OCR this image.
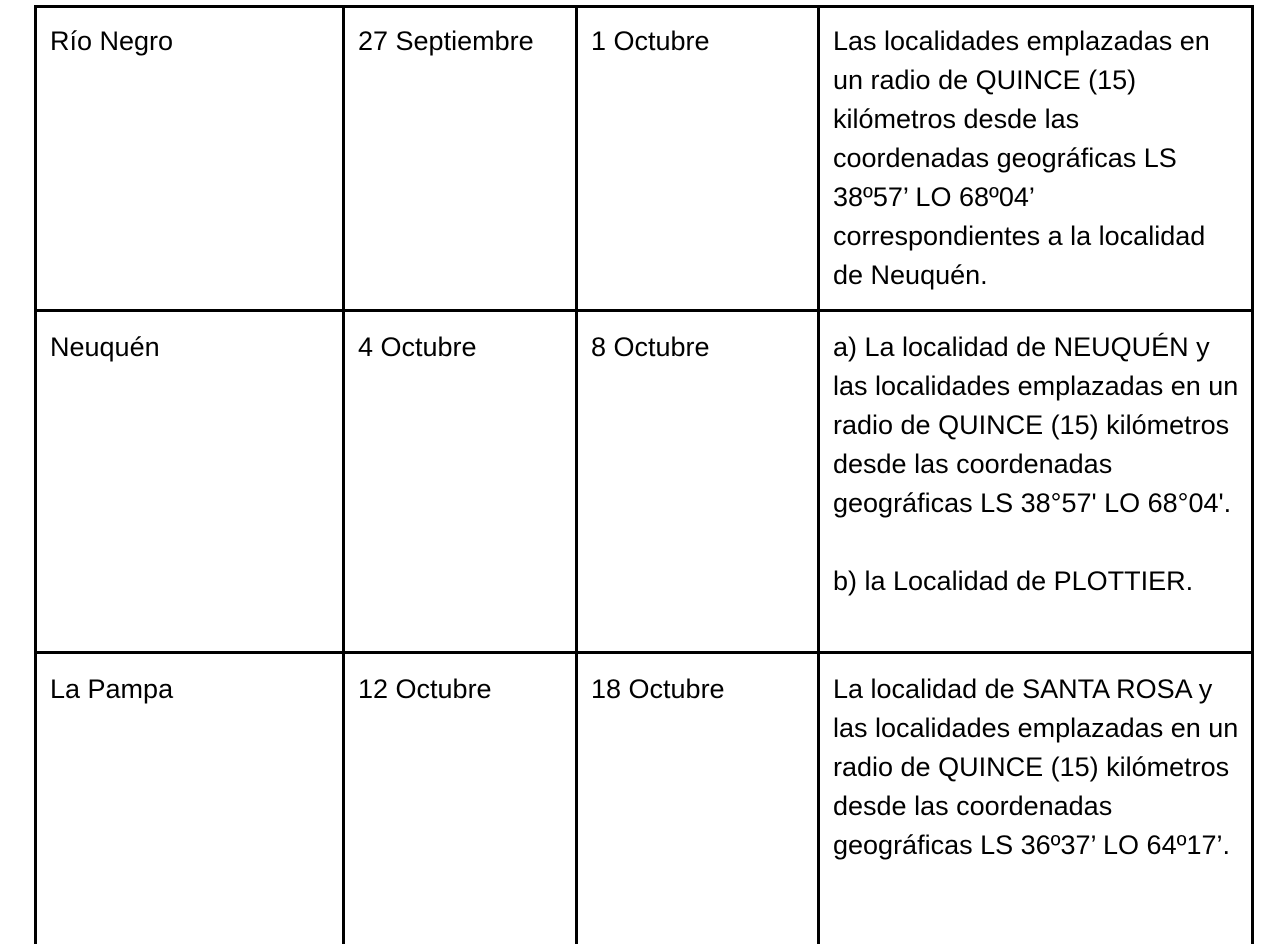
Río Negro	27 Septiembre	1 Octubre	Las localidades emplazadas en un radio de QUINCE (15) kilómetros desde las coordenadas geográficas LS 38º57’ LO 68º04’ correspondientes a la localidad de Neuquén.

Neuquén	4 Octubre	8 Octubre	a) La localidad de NEUQUÉN y las localidades emplazadas en un radio de QUINCE (15) kilómetros desde las coordenadas geográficas LS 38°57' LO 68°04'.
b) la Localidad de PLOTTIER.

La Pampa	12 Octubre	18 Octubre	La localidad de SANTA ROSA y las localidades emplazadas en un radio de QUINCE (15) kilómetros desde las coordenadas geográficas LS 36º37’ LO 64º17’.
